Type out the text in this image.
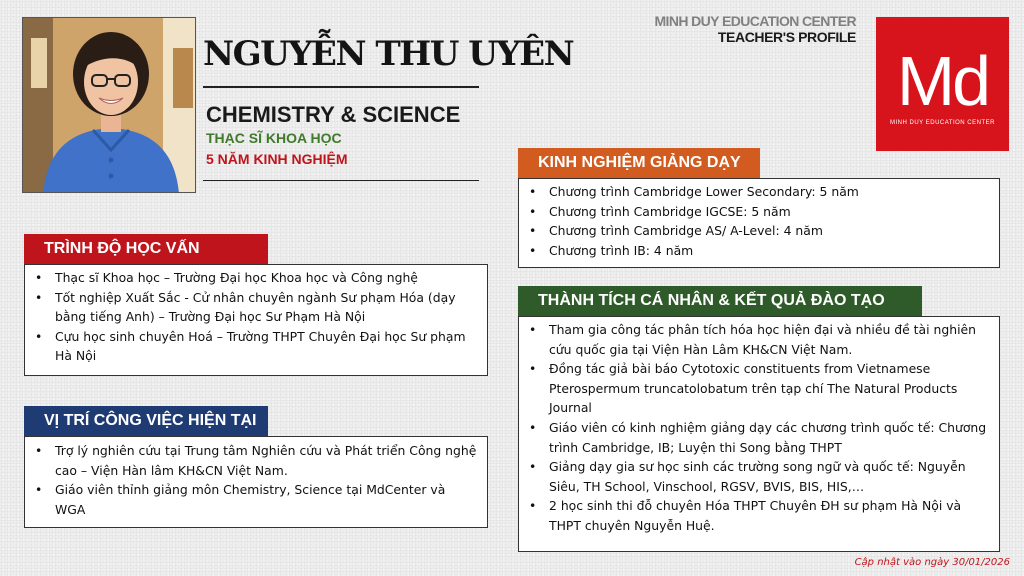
NGUYỄN THU UYÊN
CHEMISTRY & SCIENCE
THẠC SĨ KHOA HỌC
5 NĂM KINH NGHIỆM
MINH DUY EDUCATION CENTER
TEACHER'S PROFILE
Md
MINH DUY EDUCATION CENTER
TRÌNH ĐỘ HỌC VẤN
• Thạc sĩ Khoa học – Trường Đại học Khoa học và Công nghệ
• Tốt nghiệp Xuất Sắc - Cử nhân chuyên ngành Sư phạm Hóa (dạy bằng tiếng Anh) – Trường Đại học Sư Phạm Hà Nội
• Cựu học sinh chuyên Hoá – Trường THPT Chuyên Đại học Sư phạm Hà Nội
VỊ TRÍ CÔNG VIỆC HIỆN TẠI
• Trợ lý nghiên cứu tại Trung tâm Nghiên cứu và Phát triển Công nghệ cao – Viện Hàn lâm KH&CN Việt Nam.
• Giáo viên thỉnh giảng môn Chemistry, Science tại MdCenter và WGA
KINH NGHIỆM GIẢNG DẠY
• Chương trình Cambridge Lower Secondary: 5 năm
• Chương trình Cambridge IGCSE: 5 năm
• Chương trình Cambridge AS/ A-Level: 4 năm
• Chương trình IB: 4 năm
THÀNH TÍCH CÁ NHÂN & KẾT QUẢ ĐÀO TẠO
• Tham gia công tác phân tích hóa học hiện đại và nhiều đề tài nghiên cứu quốc gia tại Viện Hàn Lâm KH&CN Việt Nam.
• Đồng tác giả bài báo Cytotoxic constituents from Vietnamese Pterospermum truncatolobatum trên tạp chí The Natural Products Journal
• Giáo viên có kinh nghiệm giảng dạy các chương trình quốc tế: Chương trình Cambridge, IB; Luyện thi Song bằng THPT
• Giảng dạy gia sư học sinh các trường song ngữ và quốc tế: Nguyễn Siêu, TH School, Vinschool, RGSV, BVIS, BIS, HIS,…
• 2 học sinh thi đỗ chuyên Hóa THPT Chuyên ĐH sư phạm Hà Nội và THPT chuyên Nguyễn Huệ.
Cập nhật vào ngày 30/01/2026
